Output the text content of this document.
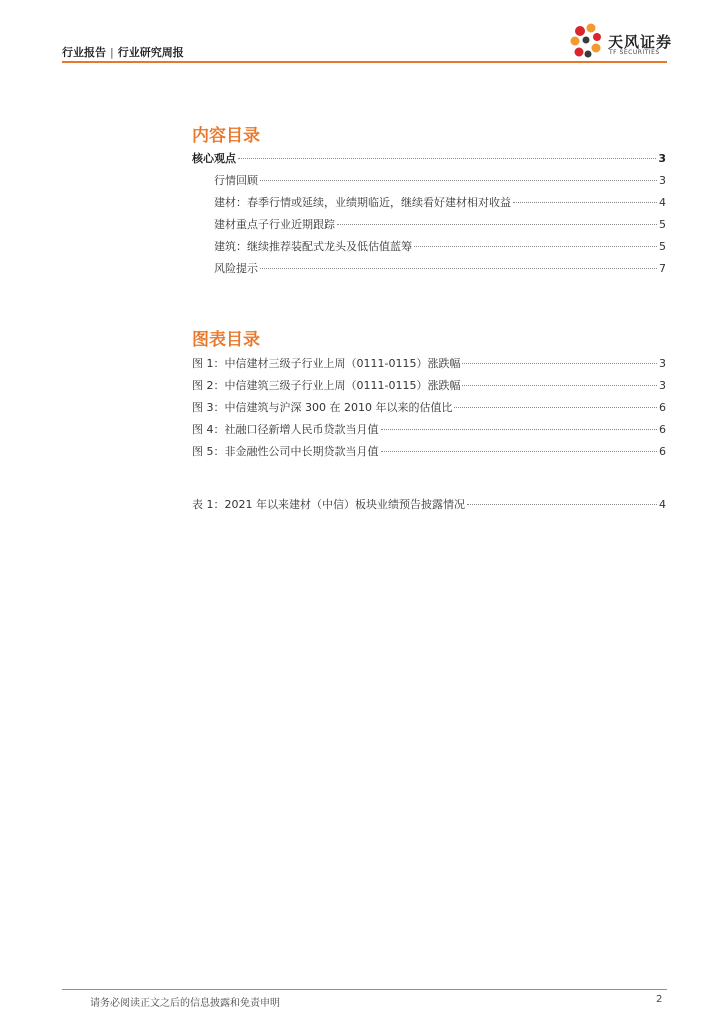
行业报告 | 行业研究周报
天风证券
TF SECURITIES
内容目录
核心观点	3
行情回顾	3
建材：春季行情或延续，业绩期临近，继续看好建材相对收益	4
建材重点子行业近期跟踪	5
建筑：继续推荐装配式龙头及低估值蓝筹	5
风险提示	7
图表目录
图 1：中信建材三级子行业上周（0111-0115）涨跌幅	3
图 2：中信建筑三级子行业上周（0111-0115）涨跌幅	3
图 3：中信建筑与沪深 300 在 2010 年以来的估值比	6
图 4：社融口径新增人民币贷款当月值	6
图 5：非金融性公司中长期贷款当月值	6
表 1：2021 年以来建材（中信）板块业绩预告披露情况	4
请务必阅读正文之后的信息披露和免责申明	2
